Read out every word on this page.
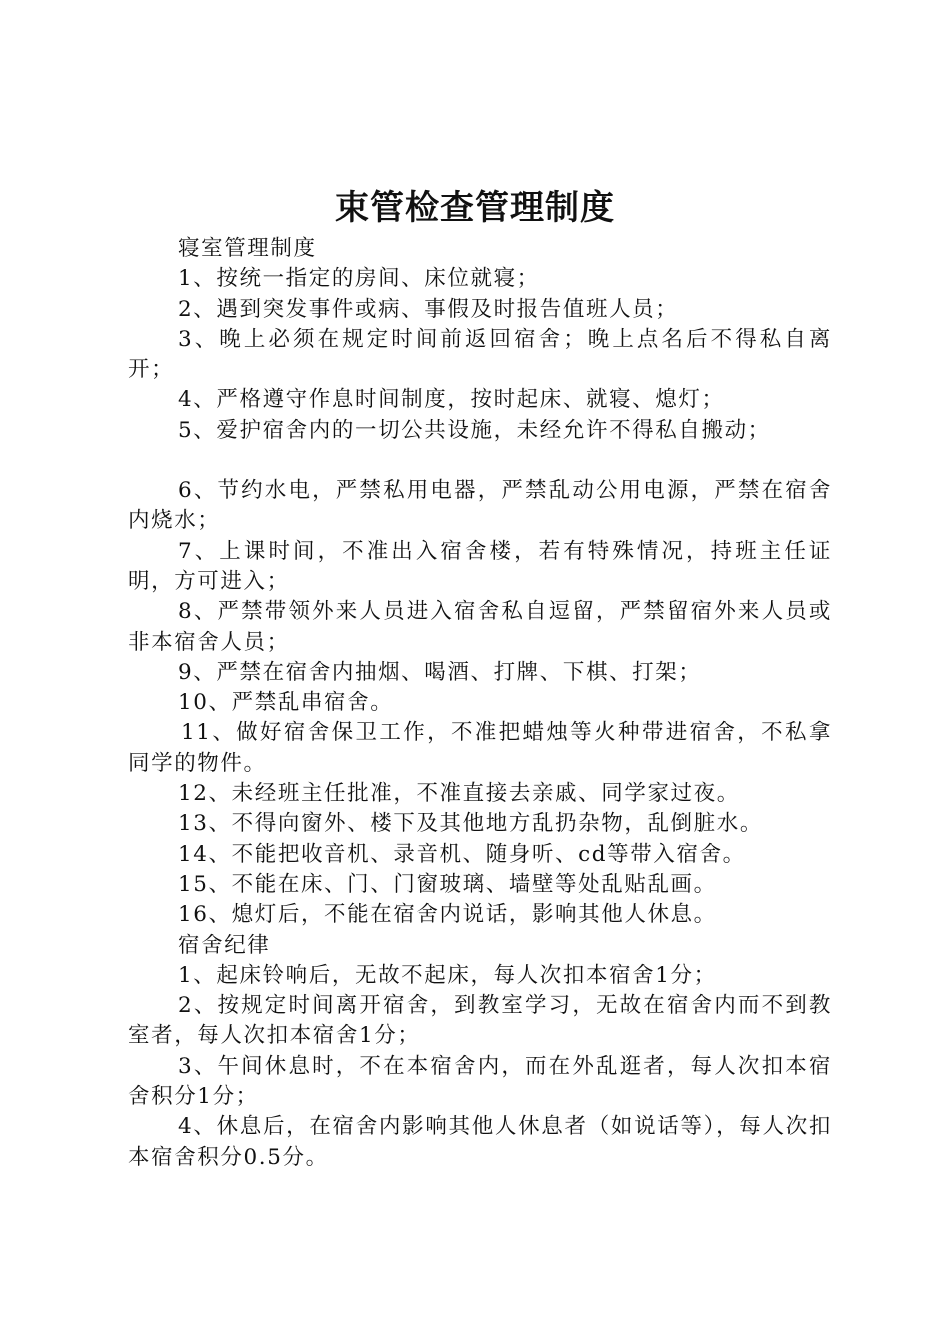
束管检查管理制度

寝室管理制度

1、按统一指定的房间、床位就寝；

2、遇到突发事件或病、事假及时报告值班人员；

3、晚上必须在规定时间前返回宿舍；晚上点名后不得私自离开；

4、严格遵守作息时间制度，按时起床、就寝、熄灯；

5、爱护宿舍内的一切公共设施，未经允许不得私自搬动；

6、节约水电，严禁私用电器，严禁乱动公用电源，严禁在宿舍内烧水；

7、上课时间，不准出入宿舍楼，若有特殊情况，持班主任证明，方可进入；

8、严禁带领外来人员进入宿舍私自逗留，严禁留宿外来人员或非本宿舍人员；

9、严禁在宿舍内抽烟、喝酒、打牌、下棋、打架；

10、严禁乱串宿舍。

11、做好宿舍保卫工作，不准把蜡烛等火种带进宿舍，不私拿同学的物件。

12、未经班主任批准，不准直接去亲戚、同学家过夜。

13、不得向窗外、楼下及其他地方乱扔杂物，乱倒脏水。

14、不能把收音机、录音机、随身听、cd等带入宿舍。

15、不能在床、门、门窗玻璃、墙壁等处乱贴乱画。

16、熄灯后，不能在宿舍内说话，影响其他人休息。

宿舍纪律

1、起床铃响后，无故不起床，每人次扣本宿舍1分；

2、按规定时间离开宿舍，到教室学习，无故在宿舍内而不到教室者，每人次扣本宿舍1分；

3、午间休息时，不在本宿舍内，而在外乱逛者，每人次扣本宿舍积分1分；

4、休息后，在宿舍内影响其他人休息者（如说话等），每人次扣本宿舍积分0.5分。
